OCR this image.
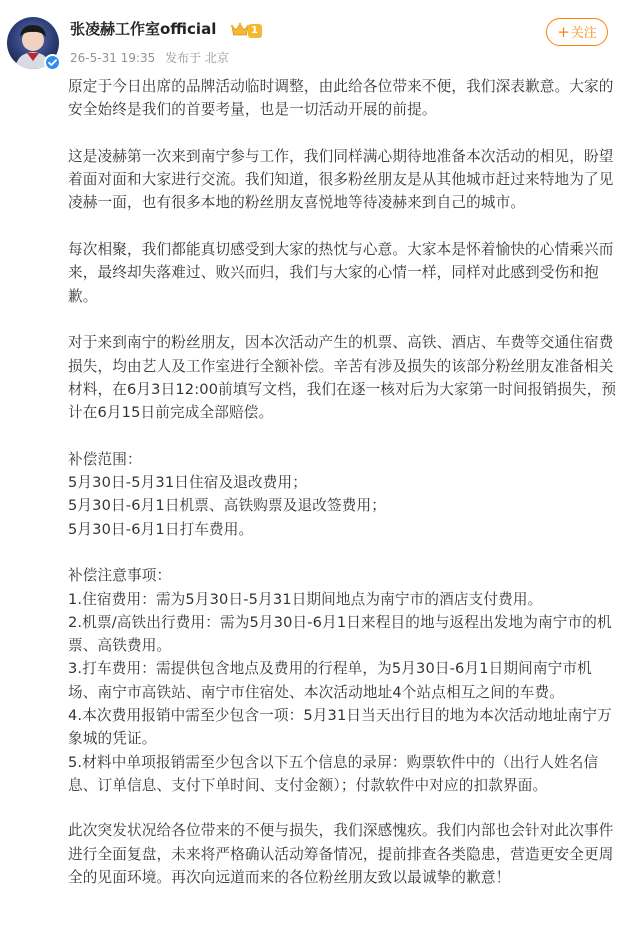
张凌赫工作室official	1
26-5-31 19:35 发布于 北京
+关注

原定于今日出席的品牌活动临时调整，由此给各位带来不便，我们深表歉意。大家的安全始终是我们的首要考量，也是一切活动开展的前提。

这是凌赫第一次来到南宁参与工作，我们同样满心期待地准备本次活动的相见，盼望着面对面和大家进行交流。我们知道，很多粉丝朋友是从其他城市赶过来特地为了见凌赫一面，也有很多本地的粉丝朋友喜悦地等待凌赫来到自己的城市。

每次相聚，我们都能真切感受到大家的热忱与心意。大家本是怀着愉快的心情乘兴而来，最终却失落难过、败兴而归，我们与大家的心情一样，同样对此感到受伤和抱歉。

对于来到南宁的粉丝朋友，因本次活动产生的机票、高铁、酒店、车费等交通住宿费损失，均由艺人及工作室进行全额补偿。辛苦有涉及损失的该部分粉丝朋友准备相关材料，在6月3日12:00前填写文档，我们在逐一核对后为大家第一时间报销损失，预计在6月15日前完成全部赔偿。

补偿范围：

5月30日-5月31日住宿及退改费用；

5月30日-6月1日机票、高铁购票及退改签费用；

5月30日-6月1日打车费用。

补偿注意事项：

1.住宿费用：需为5月30日-5月31日期间地点为南宁市的酒店支付费用。

2.机票/高铁出行费用：需为5月30日-6月1日来程目的地与返程出发地为南宁市的机票、高铁费用。

3.打车费用：需提供包含地点及费用的行程单，为5月30日-6月1日期间南宁市机场、南宁市高铁站、南宁市住宿处、本次活动地址4个站点相互之间的车费。

4.本次费用报销中需至少包含一项：5月31日当天出行目的地为本次活动地址南宁万象城的凭证。

5.材料中单项报销需至少包含以下五个信息的录屏：购票软件中的（出行人姓名信息、订单信息、支付下单时间、支付金额）；付款软件中对应的扣款界面。

此次突发状况给各位带来的不便与损失，我们深感愧疚。我们内部也会针对此次事件进行全面复盘，未来将严格确认活动筹备情况，提前排查各类隐患，营造更安全更周全的见面环境。再次向远道而来的各位粉丝朋友致以最诚挚的歉意！
